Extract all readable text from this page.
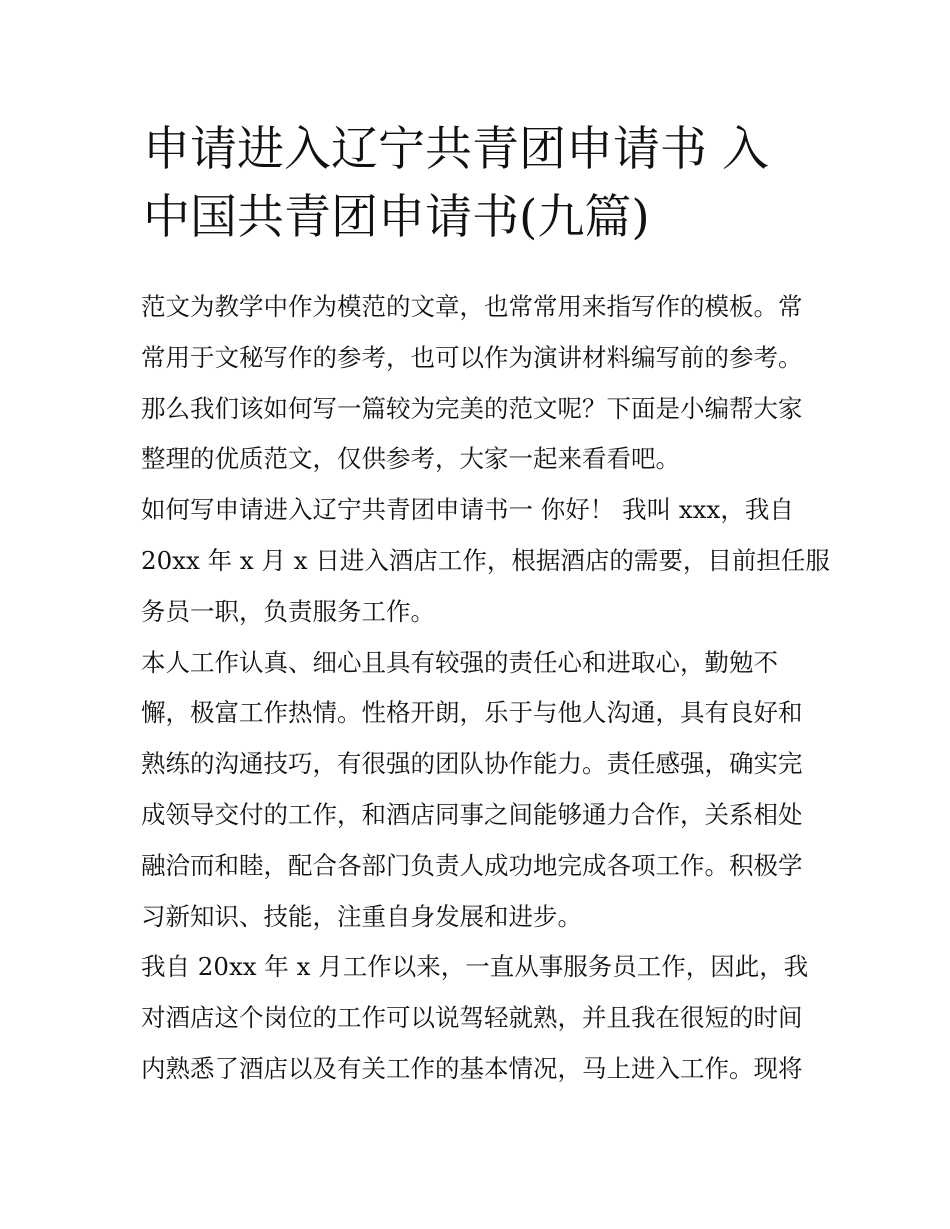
申请进入辽宁共青团申请书 入
中国共青团申请书(九篇)
范文为教学中作为模范的文章，也常常用来指写作的模板。常
常用于文秘写作的参考，也可以作为演讲材料编写前的参考。
那么我们该如何写一篇较为完美的范文呢？下面是小编帮大家
整理的优质范文，仅供参考，大家一起来看看吧。
如何写申请进入辽宁共青团申请书一 你好！ 我叫 xxx，我自
20xx 年 x 月 x 日进入酒店工作，根据酒店的需要，目前担任服
务员一职，负责服务工作。
本人工作认真、细心且具有较强的责任心和进取心，勤勉不
懈，极富工作热情。性格开朗，乐于与他人沟通，具有良好和
熟练的沟通技巧，有很强的团队协作能力。责任感强，确实完
成领导交付的工作，和酒店同事之间能够通力合作，关系相处
融洽而和睦，配合各部门负责人成功地完成各项工作。积极学
习新知识、技能，注重自身发展和进步。
我自 20xx 年 x 月工作以来，一直从事服务员工作，因此，我
对酒店这个岗位的工作可以说驾轻就熟，并且我在很短的时间
内熟悉了酒店以及有关工作的基本情况，马上进入工作。现将
